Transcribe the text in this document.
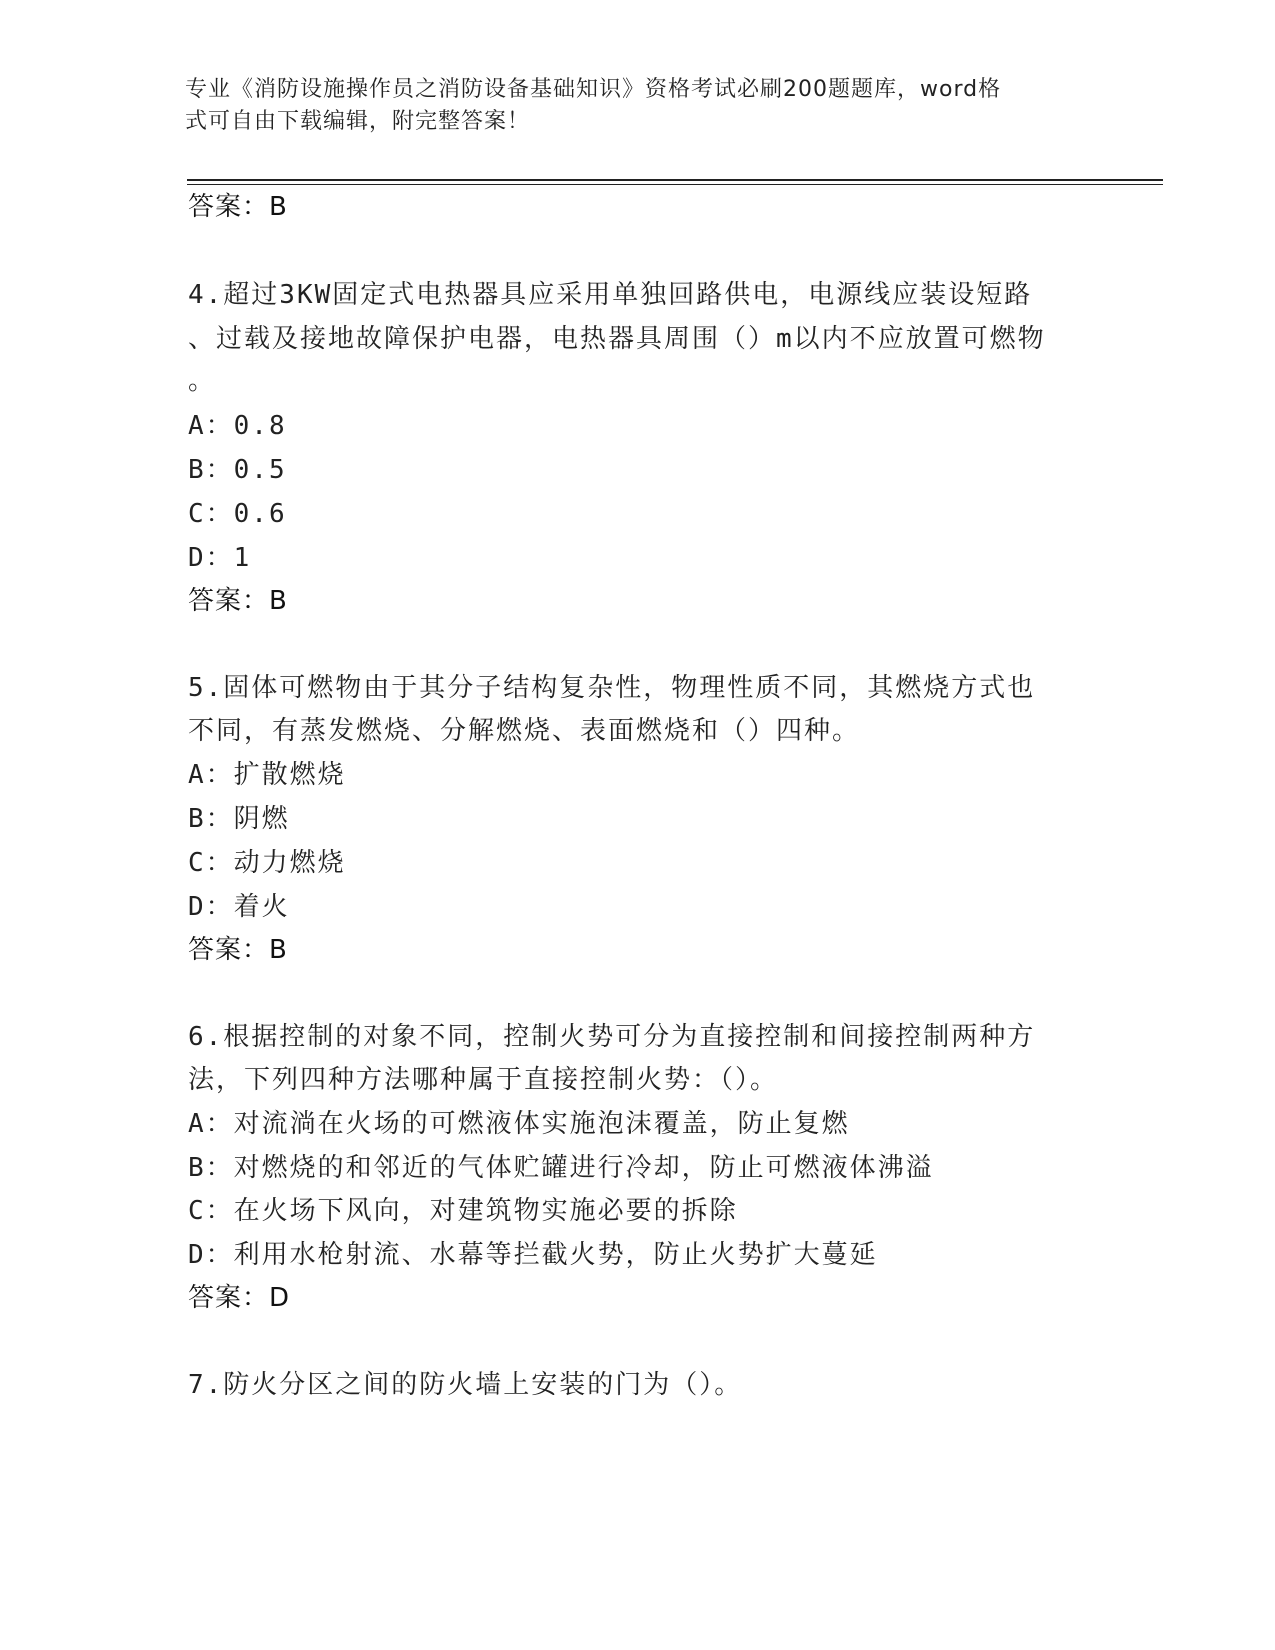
专业《消防设施操作员之消防设备基础知识》资格考试必刷200题题库，word格
式可自由下载编辑，附完整答案！
答案：B
4.超过3KW固定式电热器具应采用单独回路供电，电源线应装设短路
、过载及接地故障保护电器，电热器具周围（）m以内不应放置可燃物
。
A：0.8
B：0.5
C：0.6
D：1
答案：B
5.固体可燃物由于其分子结构复杂性，物理性质不同，其燃烧方式也
不同，有蒸发燃烧、分解燃烧、表面燃烧和（）四种。
A：扩散燃烧
B：阴燃
C：动力燃烧
D：着火
答案：B
6.根据控制的对象不同，控制火势可分为直接控制和间接控制两种方
法，下列四种方法哪种属于直接控制火势：（）。
A：对流淌在火场的可燃液体实施泡沫覆盖，防止复燃
B：对燃烧的和邻近的气体贮罐进行冷却，防止可燃液体沸溢
C：在火场下风向，对建筑物实施必要的拆除
D：利用水枪射流、水幕等拦截火势，防止火势扩大蔓延
答案：D
7.防火分区之间的防火墙上安装的门为（）。
